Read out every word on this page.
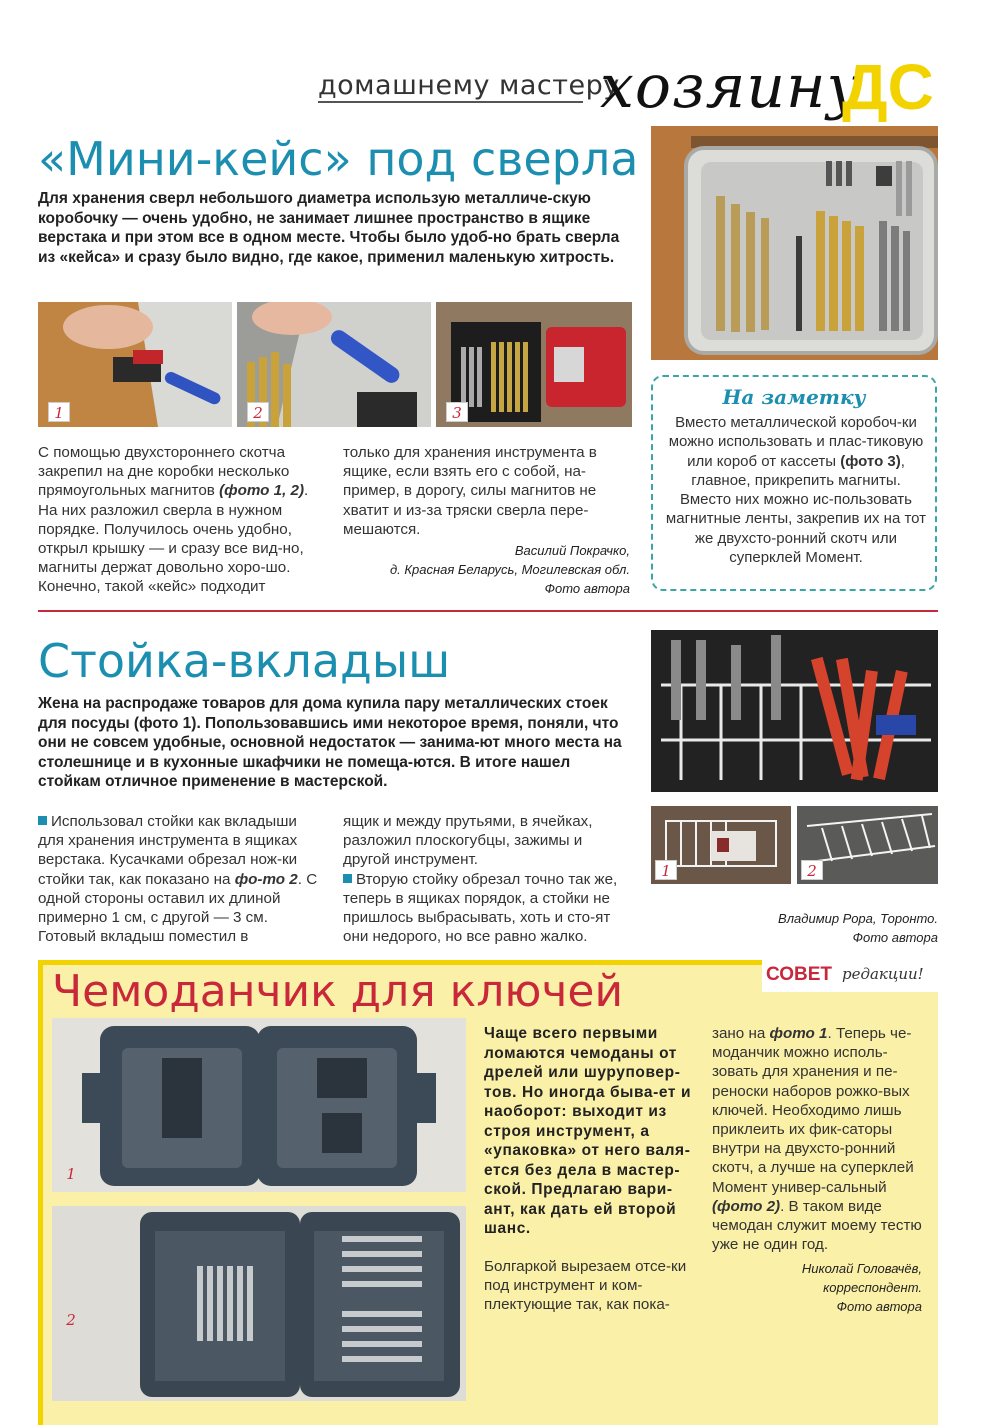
домашнему мастеру
хозяину
ДС
«Мини-кейс» под сверла
Для хранения сверл небольшого диаметра использую металличе-скую коробочку — очень удобно, не занимает лишнее пространство в ящике верстака и при этом все в одном месте. Чтобы было удоб-но брать сверла из «кейса» и сразу было видно, где какое, применил маленькую хитрость.
1	2	3
С помощью двухстороннего скотча закрепил на дне коробки несколько прямоугольных магнитов (фото 1, 2). На них разложил сверла в нужном порядке. Получилось очень удобно, открыл крышку — и сразу все вид-но, магниты держат довольно хоро-шо. Конечно, такой «кейс» подходит
только для хранения инструмента в ящике, если взять его с собой, на-пример, в дорогу, силы магнитов не хватит и из-за тряски сверла пере-мешаются.
Василий Покрачко,
д. Красная Беларусь, Могилевская обл.
Фото автора
На заметку
Вместо металлической коробоч-ки можно использовать и плас-тиковую или короб от кассеты (фото 3), главное, прикрепить магниты. Вместо них можно ис-пользовать магнитные ленты, закрепив их на тот же двухсто-ронний скотч или суперклей Момент.
Стойка-вкладыш
Жена на распродаже товаров для дома купила пару металлических стоек для посуды (фото 1). Попользовавшись ими некоторое время, поняли, что они не совсем удобные, основной недостаток — занима-ют много места на столешнице и в кухонные шкафчики не помеща-ются. В итоге нашел стойкам отличное применение в мастерской.
1	2
Использовал стойки как вкладыши для хранения инструмента в ящиках верстака. Кусачками обрезал нож-ки стойки так, как показано на фо-то 2. С одной стороны оставил их длиной примерно 1 см, с другой — 3 см. Готовый вкладыш поместил в
ящик и между прутьями, в ячейках, разложил плоскогубцы, зажимы и другой инструмент.
Вторую стойку обрезал точно так же, теперь в ящиках порядок, а стойки не пришлось выбрасывать, хоть и сто-ят они недорого, но все равно жалко.
Владимир Рора, Торонто.
Фото автора
СОВЕТ редакции!
Чемоданчик для ключей
1
2
Чаще всего первыми ломаются чемоданы от дрелей или шуруповер-тов. Но иногда быва-ет и наоборот: выходит из строя инструмент, а «упаковка» от него валя-ется без дела в мастер-ской. Предлагаю вари-ант, как дать ей второй шанс.
Болгаркой вырезаем отсе-ки под инструмент и ком-плектующие так, как пока-
зано на фото 1. Теперь че-моданчик можно исполь-зовать для хранения и пе-реноски наборов рожко-вых ключей. Необходимо лишь приклеить их фик-саторы внутри на двухсто-ронний скотч, а лучше на суперклей Момент универ-сальный (фото 2). В таком виде чемодан служит моему тестю уже не один год.
Николай Головачёв,
корреспондент.
Фото автора
